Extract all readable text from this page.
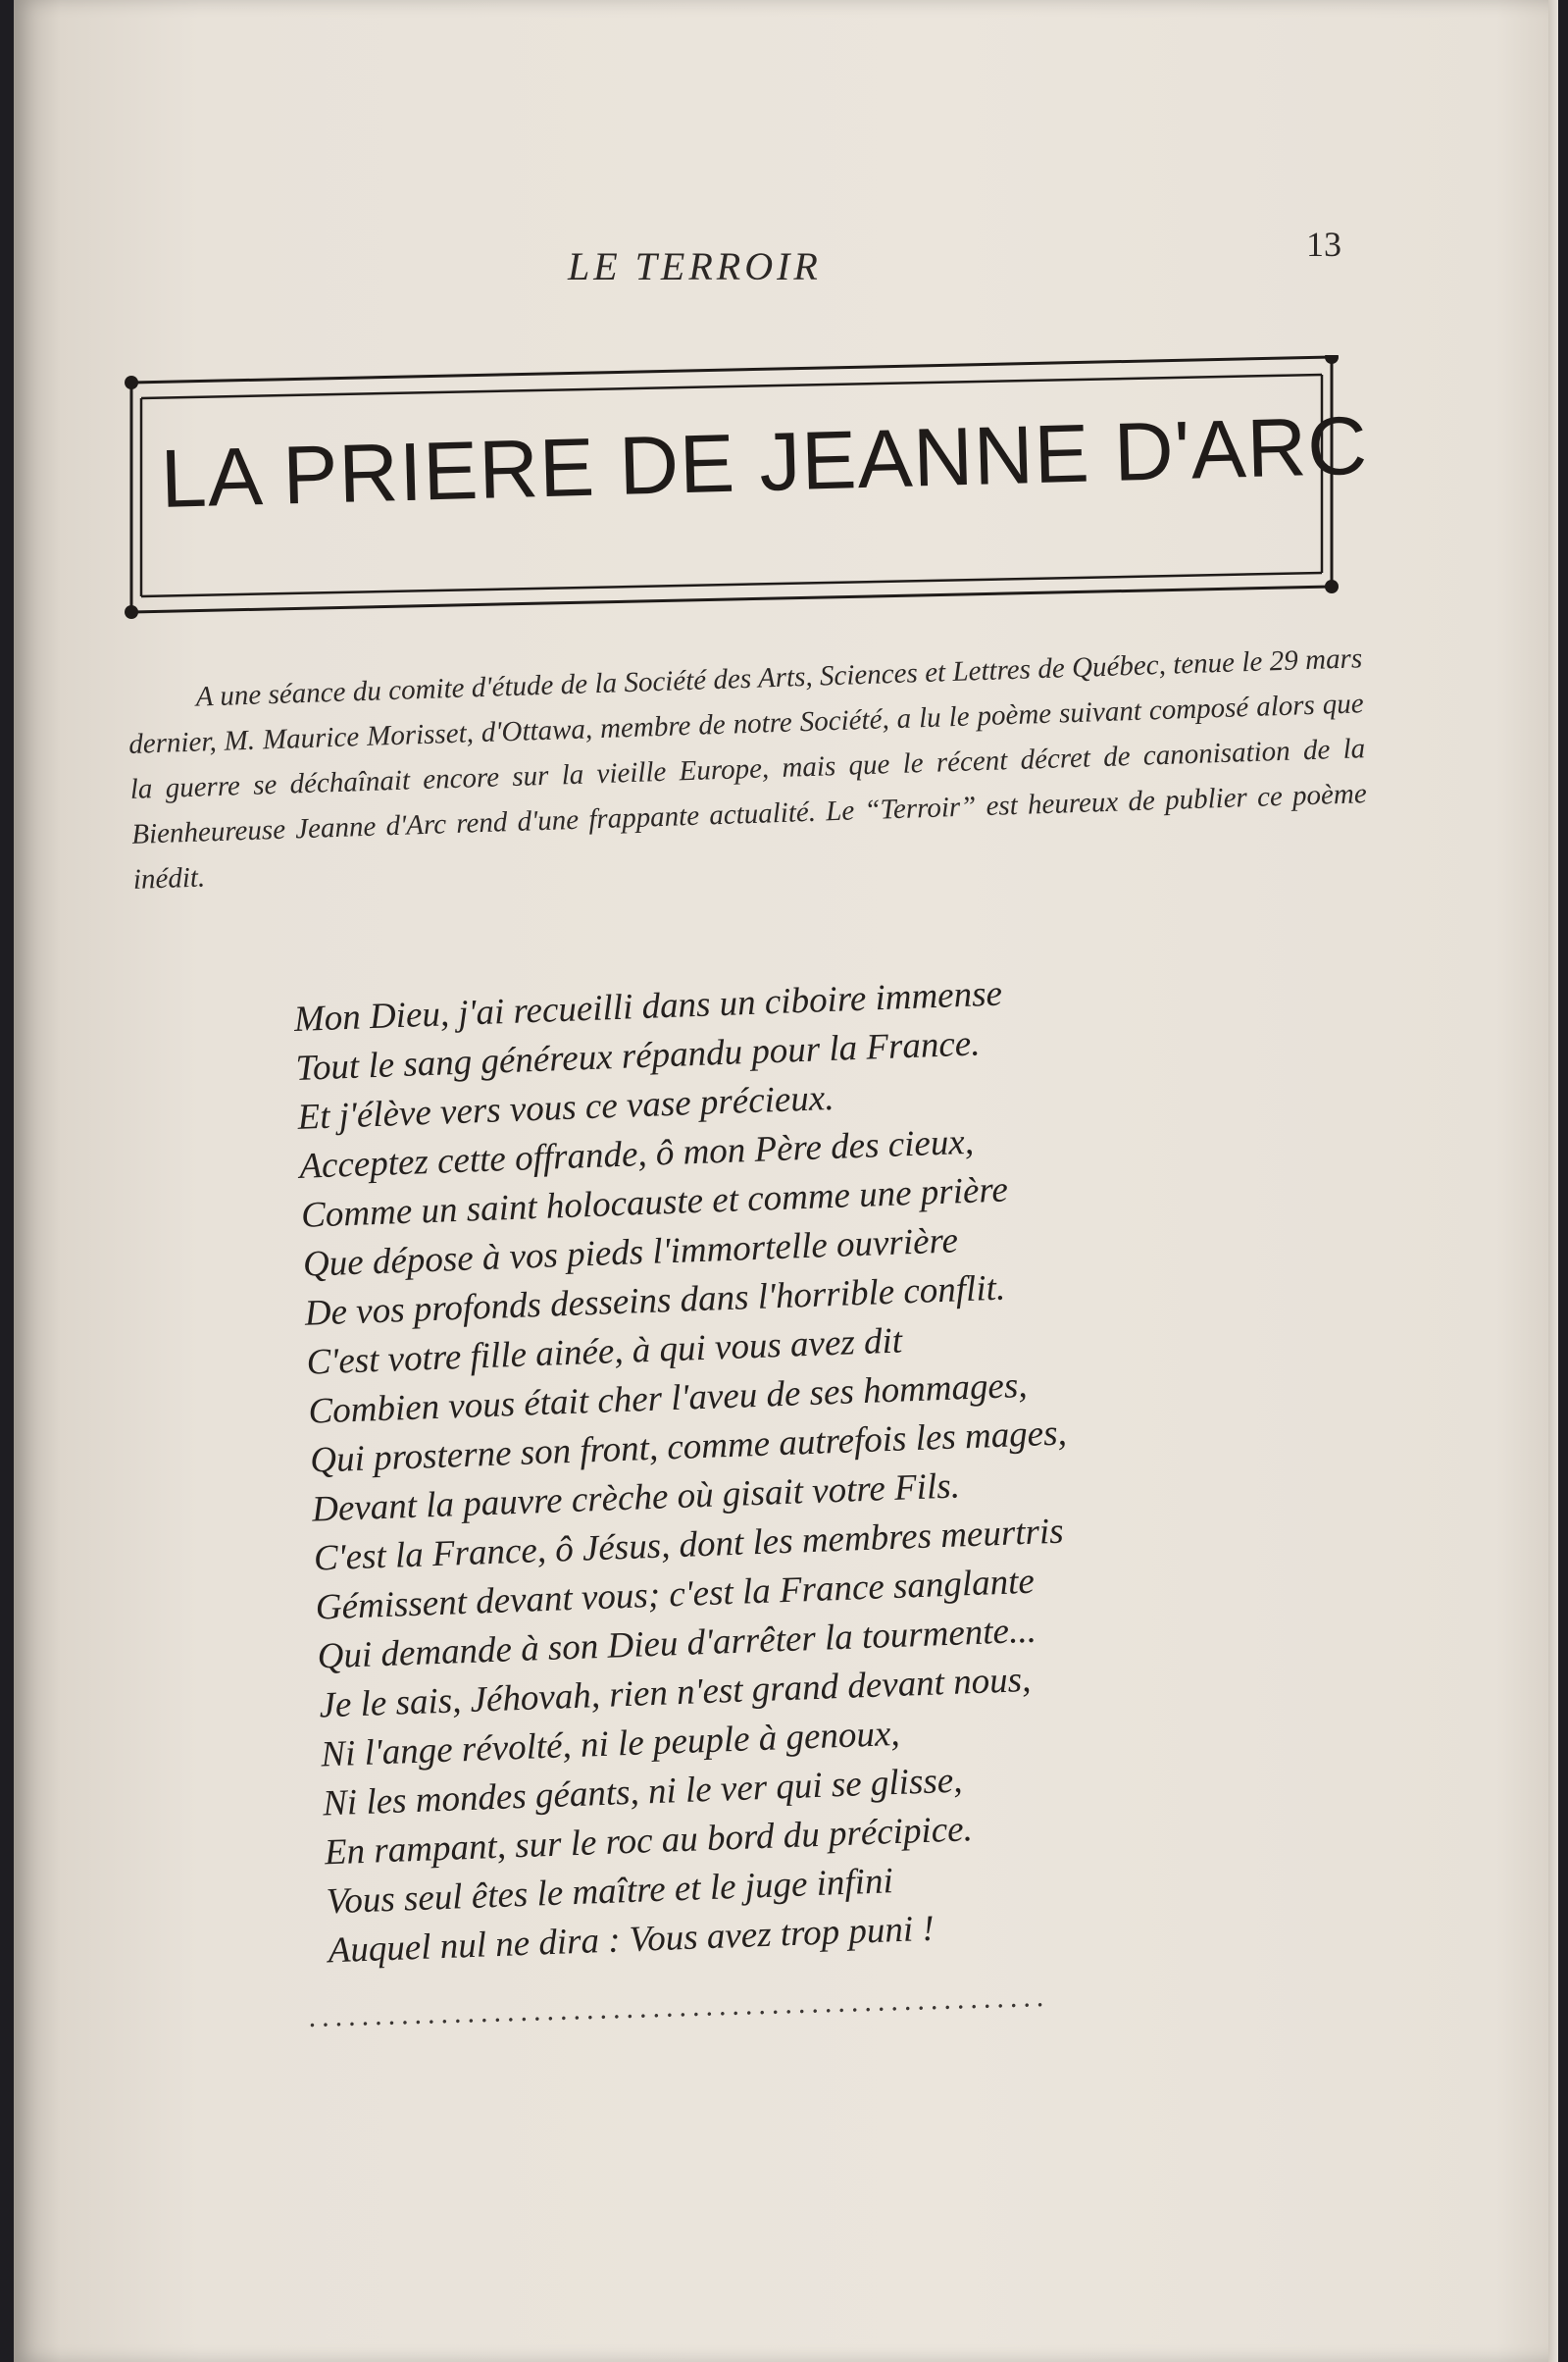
LE TERROIR	13
LA PRIERE DE JEANNE D'ARC

A une séance du comite d'étude de la Société des Arts, Sciences et Lettres de Québec, tenue le 29 mars dernier, M. Maurice Morisset, d'Ottawa, membre de notre Société, a lu le poème suivant composé alors que la guerre se déchaînait encore sur la vieille Europe, mais que le récent décret de canonisation de la Bienheureuse Jeanne d'Arc rend d'une frappante actualité. Le “Terroir” est heureux de publier ce poème inédit.

Mon Dieu, j'ai recueilli dans un ciboire immense
Tout le sang généreux répandu pour la France.
Et j'élève vers vous ce vase précieux.
Acceptez cette offrande, ô mon Père des cieux,
Comme un saint holocauste et comme une prière
Que dépose à vos pieds l'immortelle ouvrière
De vos profonds desseins dans l'horrible conflit.
C'est votre fille ainée, à qui vous avez dit
Combien vous était cher l'aveu de ses hommages,
Qui prosterne son front, comme autrefois les mages,
Devant la pauvre crèche où gisait votre Fils.
C'est la France, ô Jésus, dont les membres meurtris
Gémissent devant vous; c'est la France sanglante
Qui demande à son Dieu d'arrêter la tourmente...
Je le sais, Jéhovah, rien n'est grand devant nous,
Ni l'ange révolté, ni le peuple à genoux,
Ni les mondes géants, ni le ver qui se glisse,
En rampant, sur le roc au bord du précipice.
Vous seul êtes le maître et le juge infini
Auquel nul ne dira : Vous avez trop puni !
........................................................
